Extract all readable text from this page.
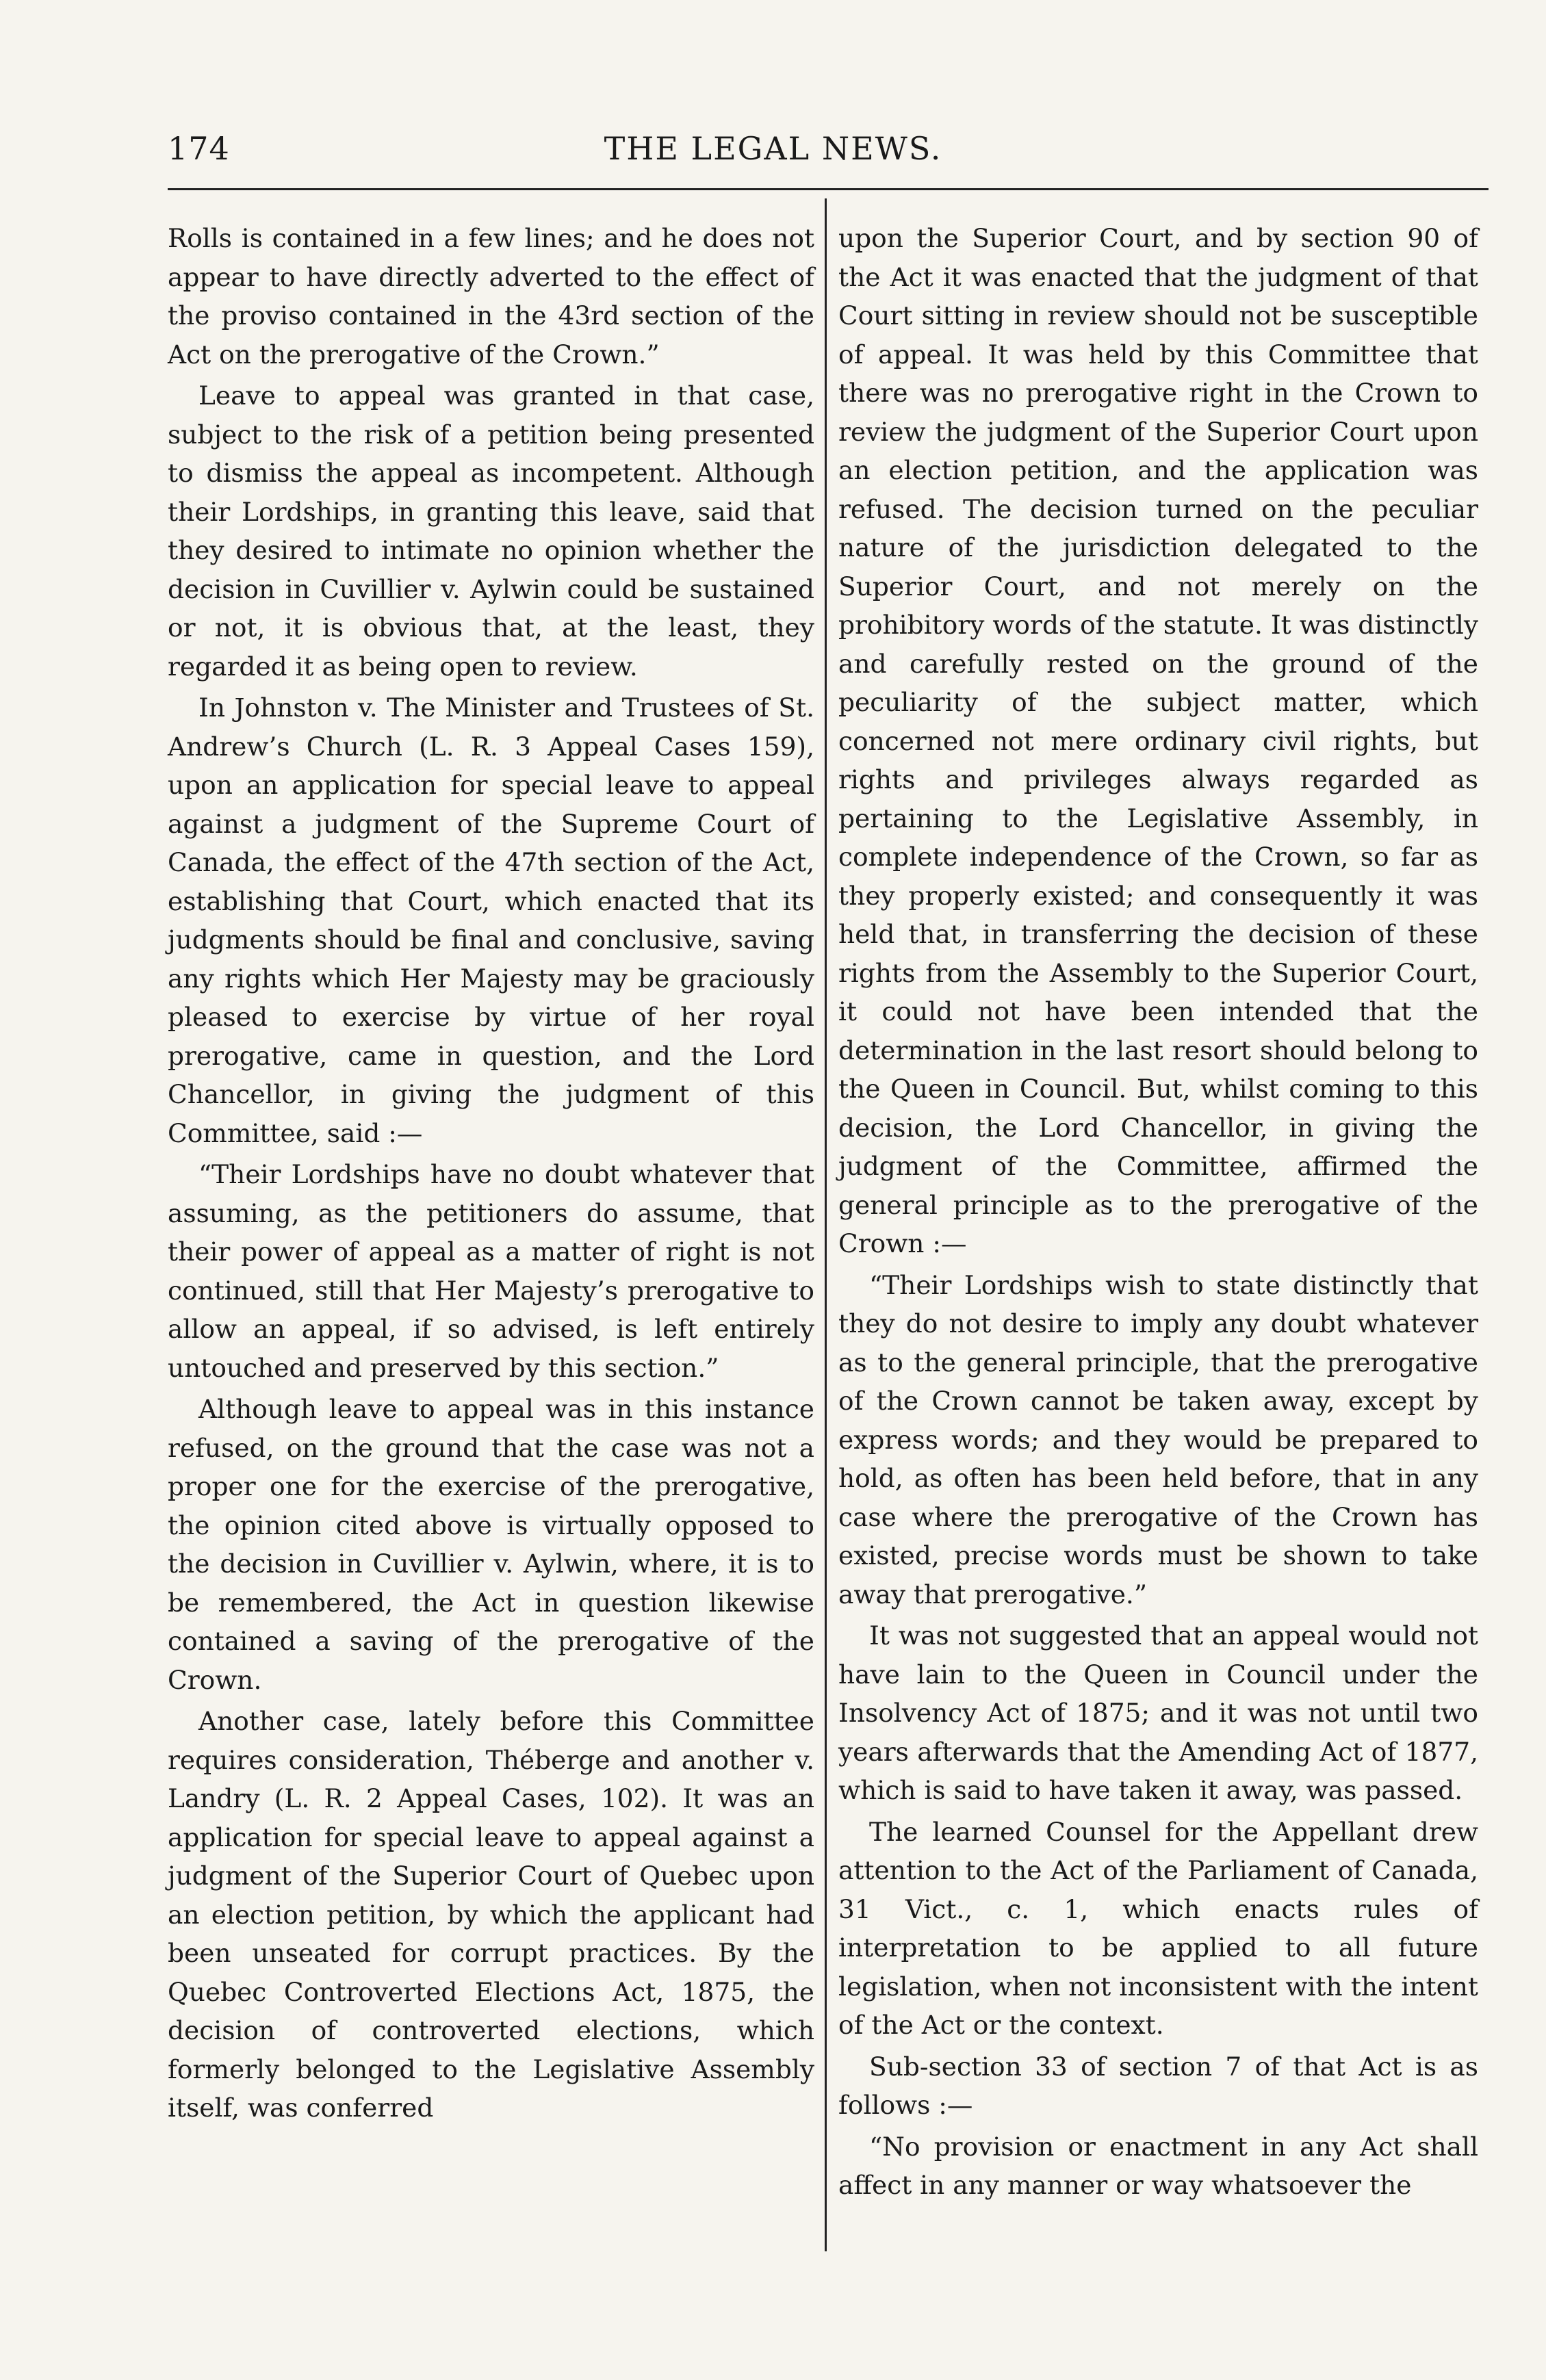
174	THE LEGAL NEWS.

Rolls is contained in a few lines; and he does not appear to have directly adverted to the effect of the proviso contained in the 43rd section of the Act on the prerogative of the Crown.”

Leave to appeal was granted in that case, subject to the risk of a petition being presented to dismiss the appeal as incompetent. Although their Lordships, in granting this leave, said that they desired to intimate no opinion whether the decision in Cuvillier v. Aylwin could be sustained or not, it is obvious that, at the least, they regarded it as being open to review.

In Johnston v. The Minister and Trustees of St. Andrew’s Church (L. R. 3 Appeal Cases 159), upon an application for special leave to appeal against a judgment of the Supreme Court of Canada, the effect of the 47th section of the Act, establishing that Court, which enacted that its judgments should be final and conclusive, saving any rights which Her Majesty may be graciously pleased to exercise by virtue of her royal prerogative, came in question, and the Lord Chancellor, in giving the judgment of this Committee, said :—

“Their Lordships have no doubt whatever that assuming, as the petitioners do assume, that their power of appeal as a matter of right is not continued, still that Her Majesty’s prerogative to allow an appeal, if so advised, is left entirely untouched and preserved by this section.”

Although leave to appeal was in this instance refused, on the ground that the case was not a proper one for the exercise of the prerogative, the opinion cited above is virtually opposed to the decision in Cuvillier v. Aylwin, where, it is to be remembered, the Act in question likewise contained a saving of the prerogative of the Crown.

Another case, lately before this Committee requires consideration, Théberge and another v. Landry (L. R. 2 Appeal Cases, 102). It was an application for special leave to appeal against a judgment of the Superior Court of Quebec upon an election petition, by which the applicant had been unseated for corrupt practices. By the Quebec Controverted Elections Act, 1875, the decision of controverted elections, which formerly belonged to the Legislative Assembly itself, was conferred

upon the Superior Court, and by section 90 of the Act it was enacted that the judgment of that Court sitting in review should not be susceptible of appeal. It was held by this Committee that there was no prerogative right in the Crown to review the judgment of the Superior Court upon an election petition, and the application was refused. The decision turned on the peculiar nature of the jurisdiction delegated to the Superior Court, and not merely on the prohibitory words of the statute. It was distinctly and carefully rested on the ground of the peculiarity of the subject matter, which concerned not mere ordinary civil rights, but rights and privileges always regarded as pertaining to the Legislative Assembly, in complete independence of the Crown, so far as they properly existed; and consequently it was held that, in transferring the decision of these rights from the Assembly to the Superior Court, it could not have been intended that the determination in the last resort should belong to the Queen in Council. But, whilst coming to this decision, the Lord Chancellor, in giving the judgment of the Committee, affirmed the general principle as to the prerogative of the Crown :—

“Their Lordships wish to state distinctly that they do not desire to imply any doubt whatever as to the general principle, that the prerogative of the Crown cannot be taken away, except by express words; and they would be prepared to hold, as often has been held before, that in any case where the prerogative of the Crown has existed, precise words must be shown to take away that prerogative.”

It was not suggested that an appeal would not have lain to the Queen in Council under the Insolvency Act of 1875; and it was not until two years afterwards that the Amending Act of 1877, which is said to have taken it away, was passed.

The learned Counsel for the Appellant drew attention to the Act of the Parliament of Canada, 31 Vict., c. 1, which enacts rules of interpretation to be applied to all future legislation, when not inconsistent with the intent of the Act or the context.

Sub-section 33 of section 7 of that Act is as follows :—

“No provision or enactment in any Act shall affect in any manner or way whatsoever the
